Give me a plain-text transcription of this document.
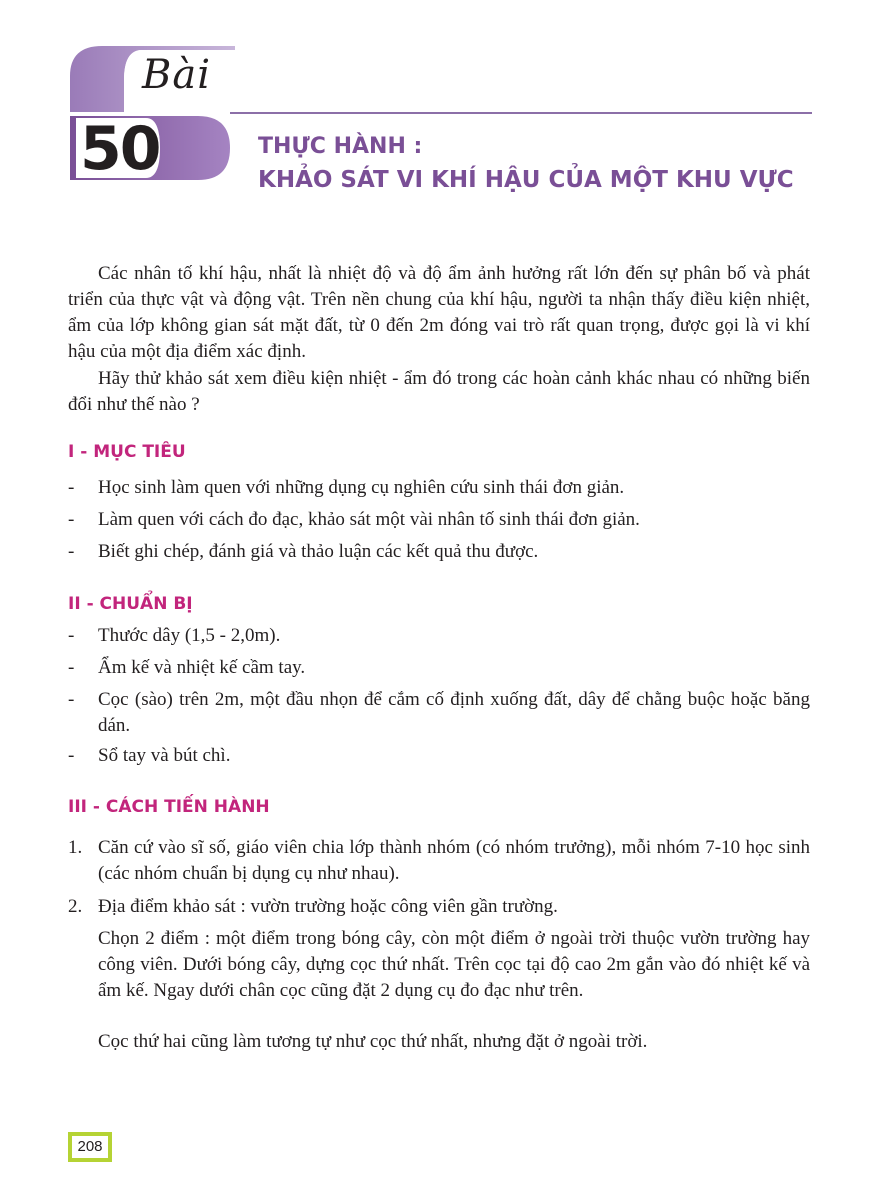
Bài
50	THỰC HÀNH :
KHẢO SÁT VI KHÍ HẬU CỦA MỘT KHU VỰC

Các nhân tố khí hậu, nhất là nhiệt độ và độ ẩm ảnh hưởng rất lớn đến sự phân bố và phát triển của thực vật và động vật. Trên nền chung của khí hậu, người ta nhận thấy điều kiện nhiệt, ẩm của lớp không gian sát mặt đất, từ 0 đến 2m đóng vai trò rất quan trọng, được gọi là vi khí hậu của một địa điểm xác định.

Hãy thử khảo sát xem điều kiện nhiệt - ẩm đó trong các hoàn cảnh khác nhau có những biến đổi như thế nào ?

I - MỤC TIÊU
-	Học sinh làm quen với những dụng cụ nghiên cứu sinh thái đơn giản.
-	Làm quen với cách đo đạc, khảo sát một vài nhân tố sinh thái đơn giản.
-	Biết ghi chép, đánh giá và thảo luận các kết quả thu được.
II - CHUẨN BỊ
-	Thước dây (1,5 - 2,0m).
-	Ẩm kế và nhiệt kế cầm tay.
-	Cọc (sào) trên 2m, một đầu nhọn để cắm cố định xuống đất, dây để chằng buộc hoặc băng dán.
-	Sổ tay và bút chì.
III - CÁCH TIẾN HÀNH
1. Căn cứ vào sĩ số, giáo viên chia lớp thành nhóm (có nhóm trưởng), mỗi nhóm 7-10 học sinh (các nhóm chuẩn bị dụng cụ như nhau).
2. Địa điểm khảo sát : vườn trường hoặc công viên gần trường.

Chọn 2 điểm : một điểm trong bóng cây, còn một điểm ở ngoài trời thuộc vườn trường hay công viên. Dưới bóng cây, dựng cọc thứ nhất. Trên cọc tại độ cao 2m gắn vào đó nhiệt kế và ẩm kế. Ngay dưới chân cọc cũng đặt 2 dụng cụ đo đạc như trên.

Cọc thứ hai cũng làm tương tự như cọc thứ nhất, nhưng đặt ở ngoài trời.

208
